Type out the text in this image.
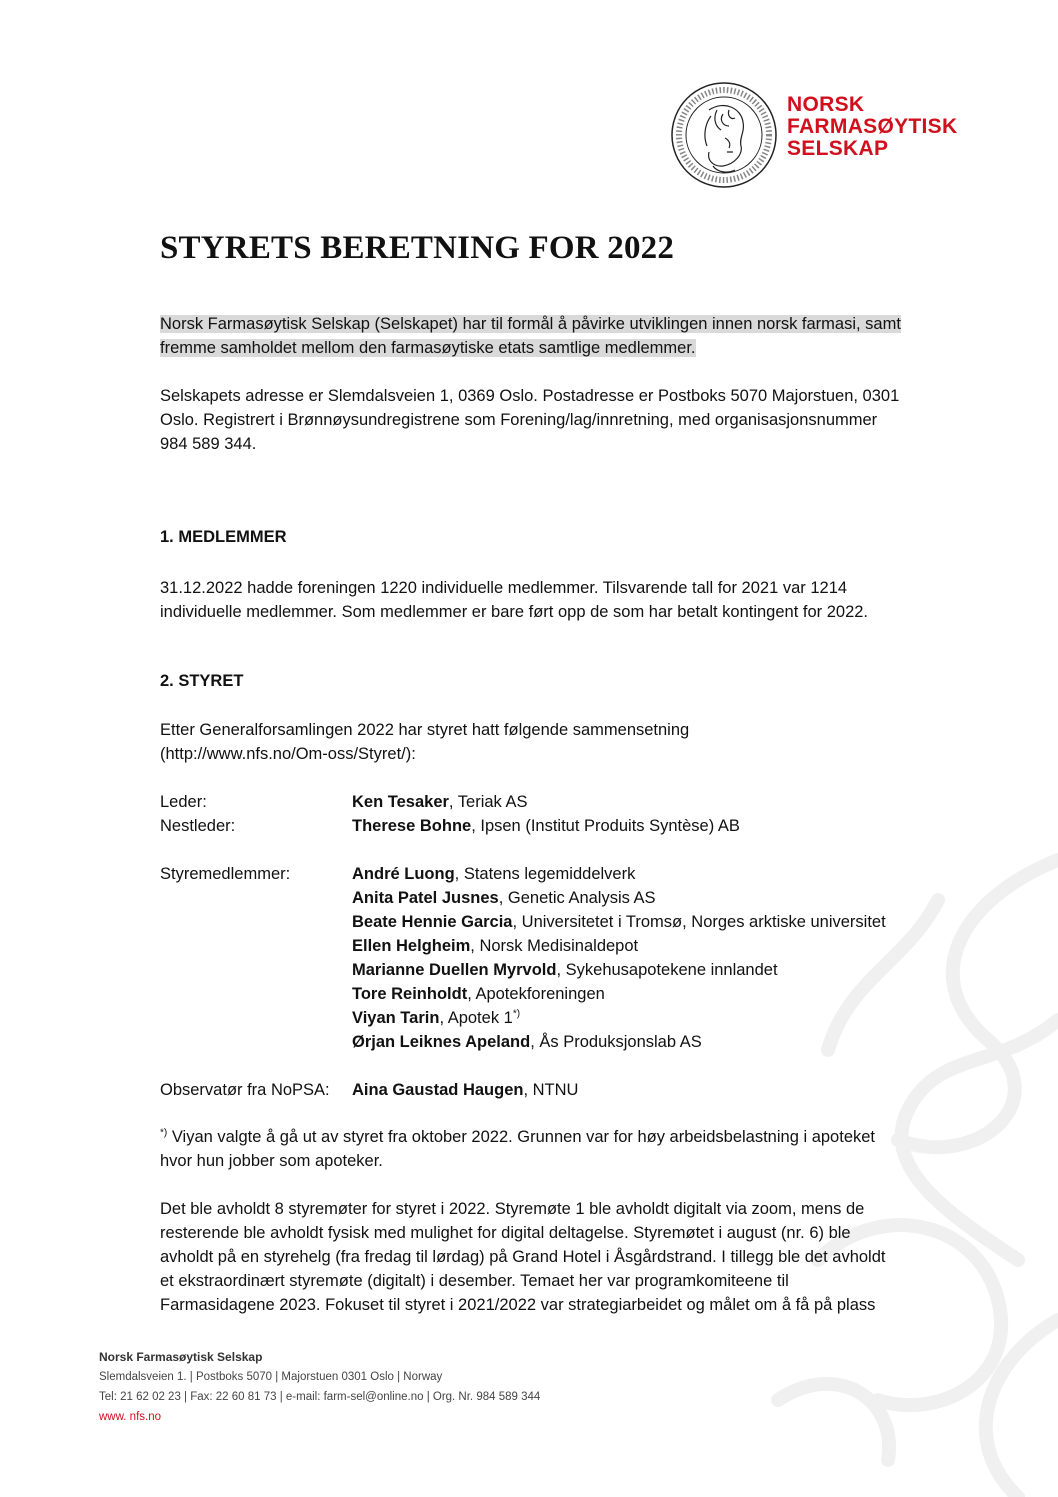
NORSK
FARMASØYTISK
SELSKAP
STYRETS BERETNING FOR 2022

Norsk Farmasøytisk Selskap (Selskapet) har til formål å påvirke utviklingen innen norsk farmasi, samt
fremme samholdet mellom den farmasøytiske etats samtlige medlemmer.

Selskapets adresse er Slemdalsveien 1, 0369 Oslo. Postadresse er Postboks 5070 Majorstuen, 0301
Oslo. Registrert i Brønnøysundregistrene som Forening/lag/innretning, med organisasjonsnummer
984 589 344.

1. MEDLEMMER

31.12.2022 hadde foreningen 1220 individuelle medlemmer. Tilsvarende tall for 2021 var 1214
individuelle medlemmer. Som medlemmer er bare ført opp de som har betalt kontingent for 2022.

2. STYRET

Etter Generalforsamlingen 2022 har styret hatt følgende sammensetning
(http://www.nfs.no/Om-oss/Styret/):

Leder:	Ken Tesaker, Teriak AS
Nestleder:	Therese Bohne, Ipsen (Institut Produits Syntèse) AB
Styremedlemmer:	André Luong, Statens legemiddelverk
Anita Patel Jusnes, Genetic Analysis AS
Beate Hennie Garcia, Universitetet i Tromsø, Norges arktiske universitet
Ellen Helgheim, Norsk Medisinaldepot
Marianne Duellen Myrvold, Sykehusapotekene innlandet
Tore Reinholdt, Apotekforeningen
Viyan Tarin, Apotek 1*)
Ørjan Leiknes Apeland, Ås Produksjonslab AS
Observatør fra NoPSA: Aina Gaustad Haugen, NTNU

*) Viyan valgte å gå ut av styret fra oktober 2022. Grunnen var for høy arbeidsbelastning i apoteket
hvor hun jobber som apoteker.

Det ble avholdt 8 styremøter for styret i 2022. Styremøte 1 ble avholdt digitalt via zoom, mens de
resterende ble avholdt fysisk med mulighet for digital deltagelse. Styremøtet i august (nr. 6) ble
avholdt på en styrehelg (fra fredag til lørdag) på Grand Hotel i Åsgårdstrand. I tillegg ble det avholdt
et ekstraordinært styremøte (digitalt) i desember. Temaet her var programkomiteene til
Farmasidagene 2023. Fokuset til styret i 2021/2022 var strategiarbeidet og målet om å få på plass

Norsk Farmasøytisk Selskap
Slemdalsveien 1. | Postboks 5070 | Majorstuen 0301 Oslo | Norway
Tel: 21 62 02 23 | Fax: 22 60 81 73 | e-mail: farm-sel@online.no | Org. Nr. 984 589 344
www. nfs.no
